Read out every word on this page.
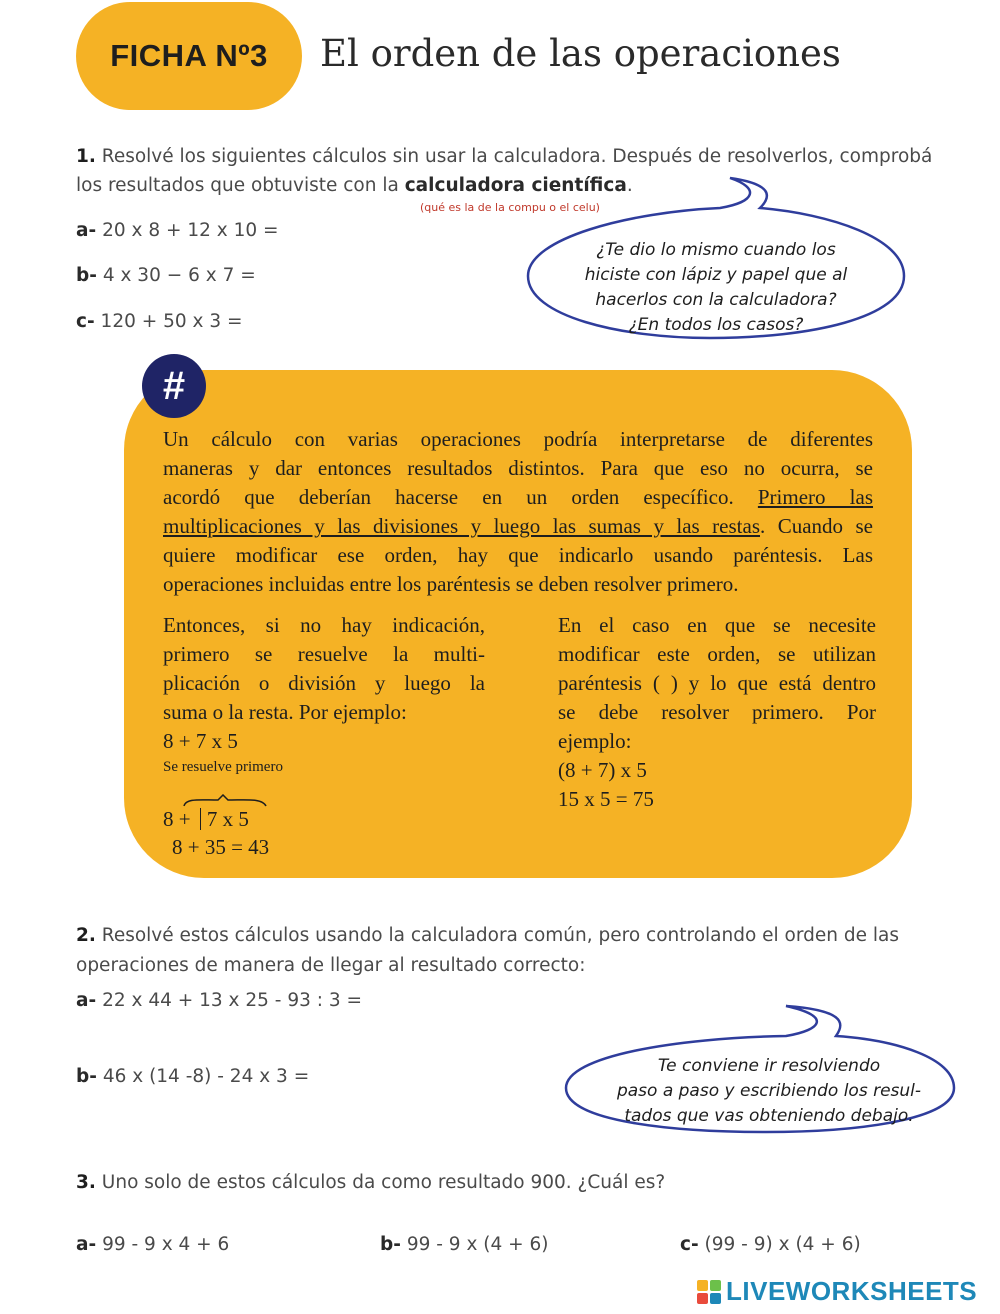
FICHA Nº3	El orden de las operaciones
1. Resolvé los siguientes cálculos sin usar la calculadora. Después de resolverlos, comprobá
los resultados que obtuviste con la calculadora científica.
(qué es la de la compu o el celu)
a- 20 x 8 + 12 x 10 =
b- 4 x 30 − 6 x 7 =
c- 120 + 50 x 3 =
¿Te dio lo mismo cuando los
hiciste con lápiz y papel que al
hacerlos con la calculadora?
¿En todos los casos?
#
Un cálculo con varias operaciones podría interpretarse de diferentes
maneras y dar entonces resultados distintos. Para que eso no ocurra, se
acordó que deberían hacerse en un orden específico. Primero las
multiplicaciones y las divisiones y luego las sumas y las restas. Cuando se
quiere modificar ese orden, hay que indicarlo usando paréntesis. Las
operaciones incluidas entre los paréntesis se deben resolver primero.
Entonces, si no hay indicación,
primero se resuelve la multi-
plicación o división y luego la
suma o la resta. Por ejemplo:
8 + 7 x 5
Se resuelve primero
8 + 7 x 5
8 + 35 = 43
En el caso en que se necesite
modificar este orden, se utilizan
paréntesis ( ) y lo que está dentro
se debe resolver primero. Por
ejemplo:
(8 + 7) x 5
15 x 5 = 75
2. Resolvé estos cálculos usando la calculadora común, pero controlando el orden de las
operaciones de manera de llegar al resultado correcto:
a- 22 x 44 + 13 x 25 - 93 : 3 =
b- 46 x (14 -8) - 24 x 3 =	Te conviene ir resolviendo
paso a paso y escribiendo los resul-
tados que vas obteniendo debajo.
3. Uno solo de estos cálculos da como resultado 900. ¿Cuál es?
a- 99 - 9 x 4 + 6	b- 99 - 9 x (4 + 6)	c- (99 - 9) x (4 + 6)
LIVEWORKSHEETS
